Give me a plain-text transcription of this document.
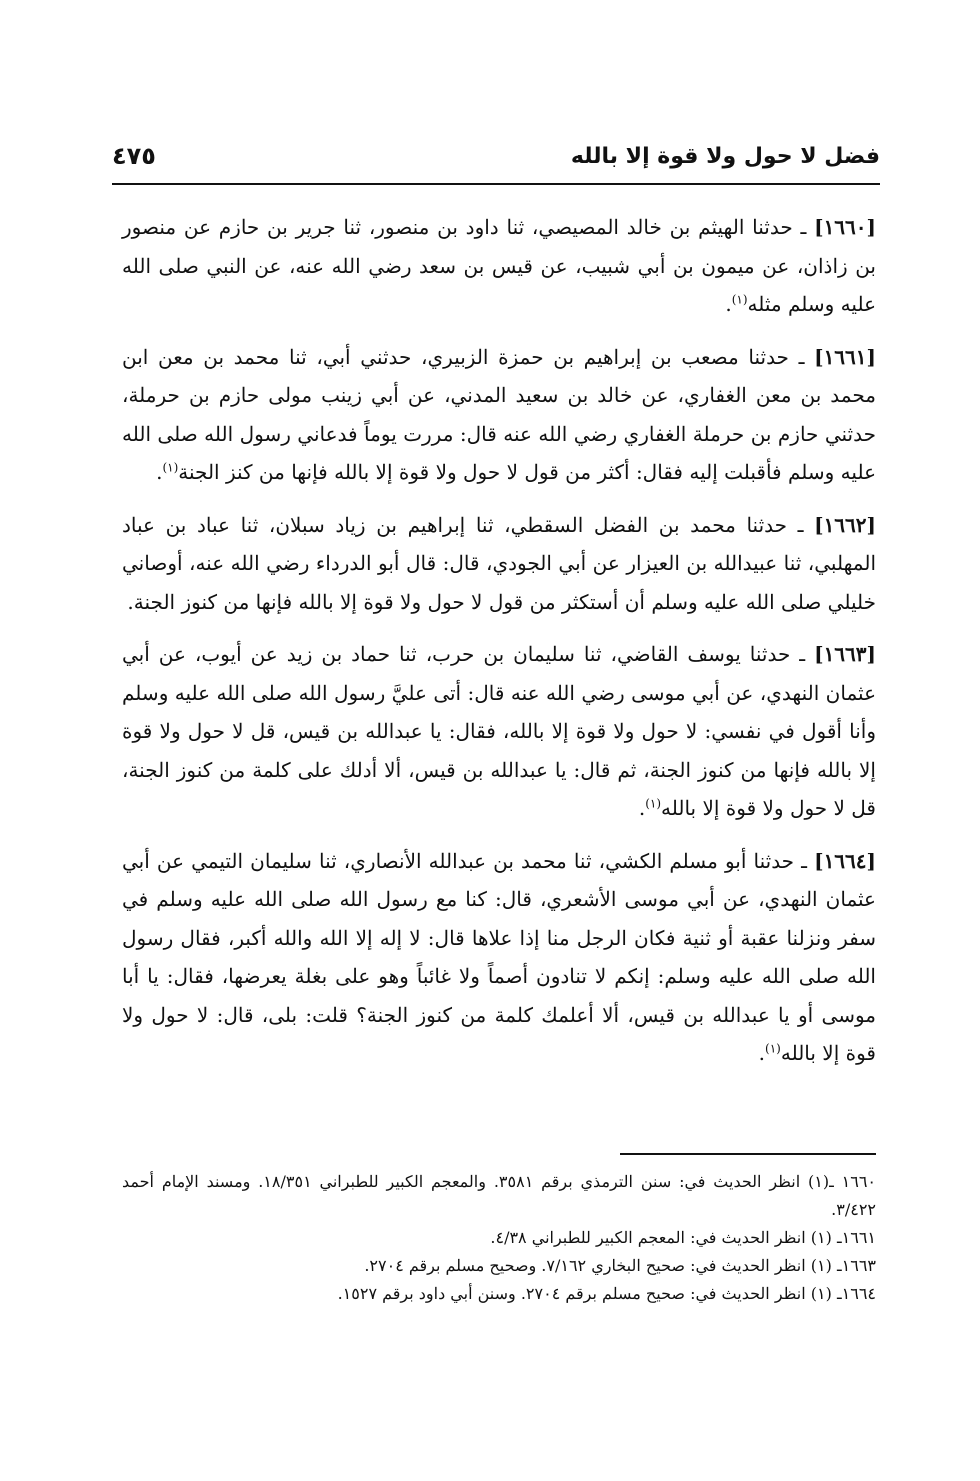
فضل لا حول ولا قوة إلا بالله
٤٧٥

[١٦٦٠] ـ حدثنا الهيثم بن خالد المصيصي، ثنا داود بن منصور، ثنا جرير بن حازم عن منصور بن زاذان، عن ميمون بن أبي شبيب، عن قيس بن سعد رضي الله عنه، عن النبي صلى الله عليه وسلم مثله$^{(١)}$.

[١٦٦١] ـ حدثنا مصعب بن إبراهيم بن حمزة الزبيري، حدثني أبي، ثنا محمد بن معن ابن محمد بن معن الغفاري، عن خالد بن سعيد المدني، عن أبي زينب مولى حازم بن حرملة، حدثني حازم بن حرملة الغفاري رضي الله عنه قال: مررت يوماً فدعاني رسول الله صلى الله عليه وسلم فأقبلت إليه فقال: أكثر من قول لا حول ولا قوة إلا بالله فإنها من كنز الجنة$^{(١)}$.

[١٦٦٢] ـ حدثنا محمد بن الفضل السقطي، ثنا إبراهيم بن زياد سبلان، ثنا عباد بن عباد المهلبي، ثنا عبيدالله بن العيزار عن أبي الجودي، قال: قال أبو الدرداء رضي الله عنه، أوصاني خليلي صلى الله عليه وسلم أن أستكثر من قول لا حول ولا قوة إلا بالله فإنها من كنوز الجنة.

[١٦٦٣] ـ حدثنا يوسف القاضي، ثنا سليمان بن حرب، ثنا حماد بن زيد عن أيوب، عن أبي عثمان النهدي، عن أبي موسى رضي الله عنه قال: أتى عليَّ رسول الله صلى الله عليه وسلم وأنا أقول في نفسي: لا حول ولا قوة إلا بالله، فقال: يا عبدالله بن قيس، قل لا حول ولا قوة إلا بالله فإنها من كنوز الجنة، ثم قال: يا عبدالله بن قيس، ألا أدلك على كلمة من كنوز الجنة، قل لا حول ولا قوة إلا بالله$^{(١)}$.

[١٦٦٤] ـ حدثنا أبو مسلم الكشي، ثنا محمد بن عبدالله الأنصاري، ثنا سليمان التيمي عن أبي عثمان النهدي، عن أبي موسى الأشعري، قال: كنا مع رسول الله صلى الله عليه وسلم في سفر ونزلنا عقبة أو ثنية فكان الرجل منا إذا علاها قال: لا إله إلا الله والله أكبر، فقال رسول الله صلى الله عليه وسلم: إنكم لا تنادون أصماً ولا غائباً وهو على بغلة يعرضها، فقال: يا أبا موسى أو يا عبدالله بن قيس، ألا أعلمك كلمة من كنوز الجنة؟ قلت: بلى، قال: لا حول ولا قوة إلا بالله$^{(١)}$.

١٦٦٠ ـ(١) انظر الحديث في: سنن الترمذي برقم ٣٥٨١. والمعجم الكبير للطبراني ١٨/٣٥١. ومسند الإمام أحمد ٣/٤٢٢.

١٦٦١ـ (١) انظر الحديث في: المعجم الكبير للطبراني ٤/٣٨.

١٦٦٣ـ (١) انظر الحديث في: صحيح البخاري ٧/١٦٢. وصحيح مسلم برقم ٢٧٠٤.

١٦٦٤ـ (١) انظر الحديث في: صحيح مسلم برقم ٢٧٠٤. وسنن أبي داود برقم ١٥٢٧.
